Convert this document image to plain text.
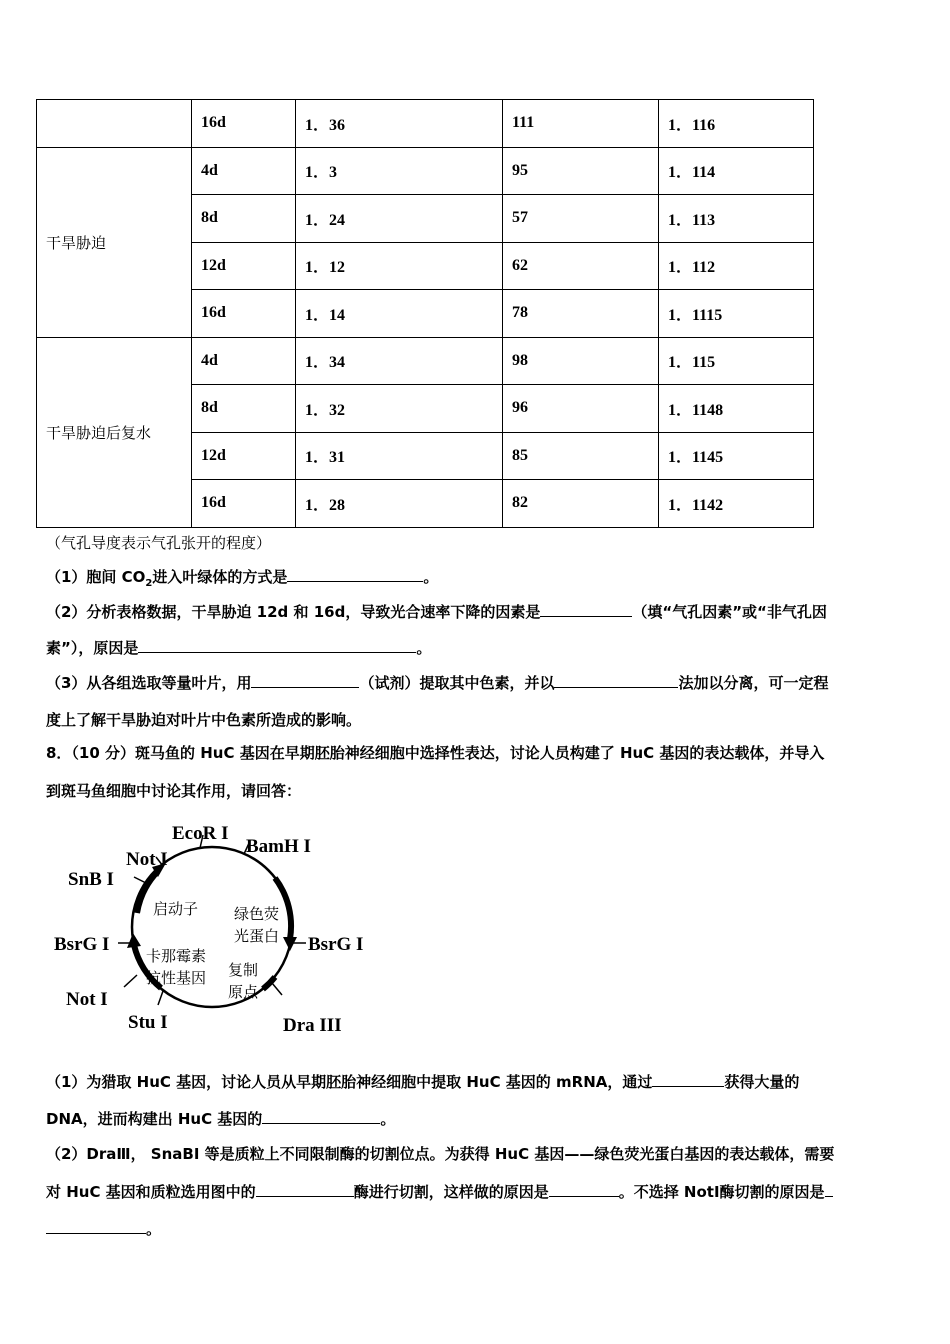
	16d	1．36	111	1．116
干旱胁迫	4d	1．3	95	1．114
	8d	1．24	57	1．113
	12d	1．12	62	1．112
	16d	1．14	78	1．1115
干旱胁迫后复水	4d	1．34	98	1．115
	8d	1．32	96	1．1148
	12d	1．31	85	1．1145
	16d	1．28	82	1．1142
（气孔导度表示气孔张开的程度）
（1）胞间 $CO_2$进入叶绿体的方式是	。
（2）分析表格数据，干旱胁迫 12d 和 16d，导致光合速率下降的因素是	（填“气孔因素”或“非气孔因
素”），原因是	。
（3）从各组选取等量叶片，用	（试剂）提取其中色素，并以	法加以分离，可一定程
度上了解干旱胁迫对叶片中色素所造成的影响。
8．（10 分）斑马鱼的 HuC 基因在早期胚胎神经细胞中选择性表达，讨论人员构建了 HuC 基因的表达载体，并导入
到斑马鱼细胞中讨论其作用，请回答：
EcoR I
BamH I
Not I
SnB I
BsrG I	BsrG I
Not I
Stu I	Dra III
启动子 绿色荧
光蛋白
卡那霉素
抗性基因 复制
原点
（1）为猎取 HuC 基因，讨论人员从早期胚胎神经细胞中提取 HuC 基因的 mRNA，通过	获得大量的
DNA，进而构建出 HuC 基因的	。
（2）DraⅢ， SnaBI 等是质粒上不同限制酶的切割位点。为获得 HuC 基因——绿色荧光蛋白基因的表达载体，需要
对 HuC 基因和质粒选用图中的	酶进行切割，这样做的原因是	。不选择 NotⅠ酶切割的原因是
。
